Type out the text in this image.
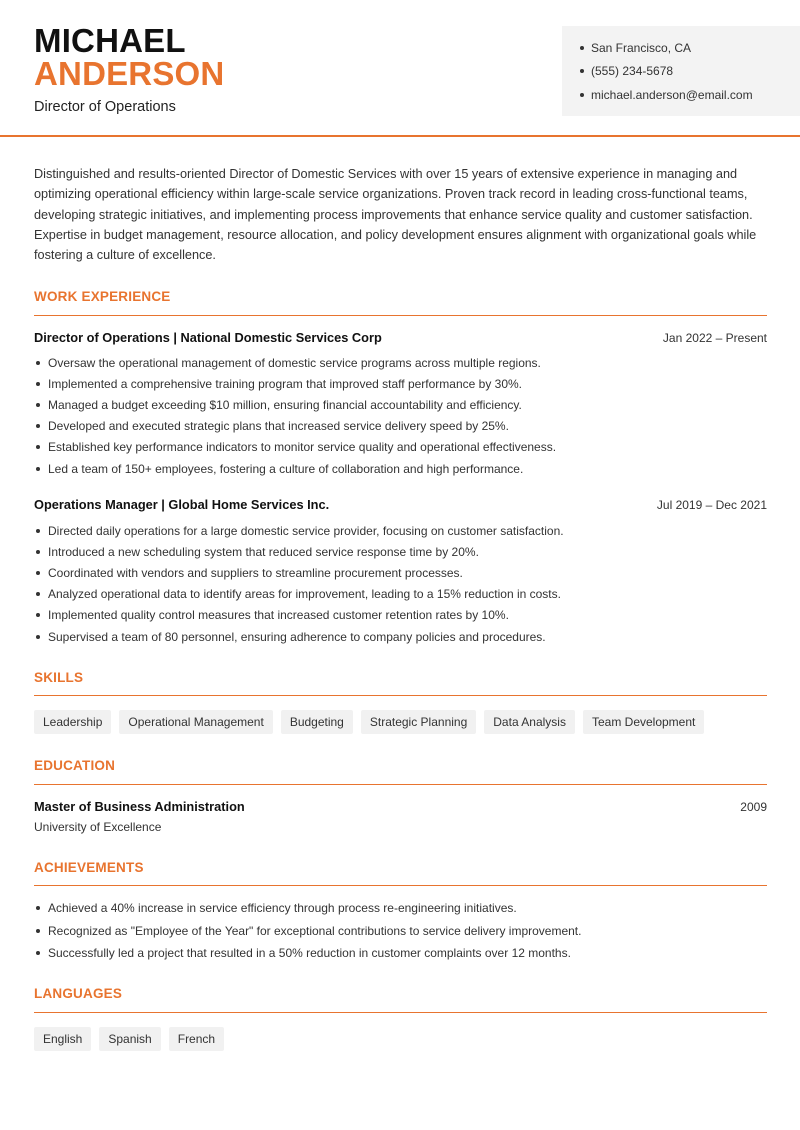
MICHAEL
ANDERSON
Director of Operations
San Francisco, CA
(555) 234-5678
michael.anderson@email.com

Distinguished and results-oriented Director of Domestic Services with over 15 years of extensive experience in managing and optimizing operational efficiency within large-scale service organizations. Proven track record in leading cross-functional teams, developing strategic initiatives, and implementing process improvements that enhance service quality and customer satisfaction. Expertise in budget management, resource allocation, and policy development ensures alignment with organizational goals while fostering a culture of excellence.

WORK EXPERIENCE
Director of Operations | National Domestic Services Corp	Jan 2022 – Present
Oversaw the operational management of domestic service programs across multiple regions.
Implemented a comprehensive training program that improved staff performance by 30%.
Managed a budget exceeding $10 million, ensuring financial accountability and efficiency.
Developed and executed strategic plans that increased service delivery speed by 25%.
Established key performance indicators to monitor service quality and operational effectiveness.
Led a team of 150+ employees, fostering a culture of collaboration and high performance.
Operations Manager | Global Home Services Inc.	Jul 2019 – Dec 2021
Directed daily operations for a large domestic service provider, focusing on customer satisfaction.
Introduced a new scheduling system that reduced service response time by 20%.
Coordinated with vendors and suppliers to streamline procurement processes.
Analyzed operational data to identify areas for improvement, leading to a 15% reduction in costs.
Implemented quality control measures that increased customer retention rates by 10%.
Supervised a team of 80 personnel, ensuring adherence to company policies and procedures.
SKILLS
Leadership	Operational Management	Budgeting	Strategic Planning	Data Analysis	Team Development
EDUCATION
Master of Business Administration	2009
University of Excellence
ACHIEVEMENTS
Achieved a 40% increase in service efficiency through process re-engineering initiatives.
Recognized as "Employee of the Year" for exceptional contributions to service delivery improvement.
Successfully led a project that resulted in a 50% reduction in customer complaints over 12 months.
LANGUAGES
English	Spanish	French
